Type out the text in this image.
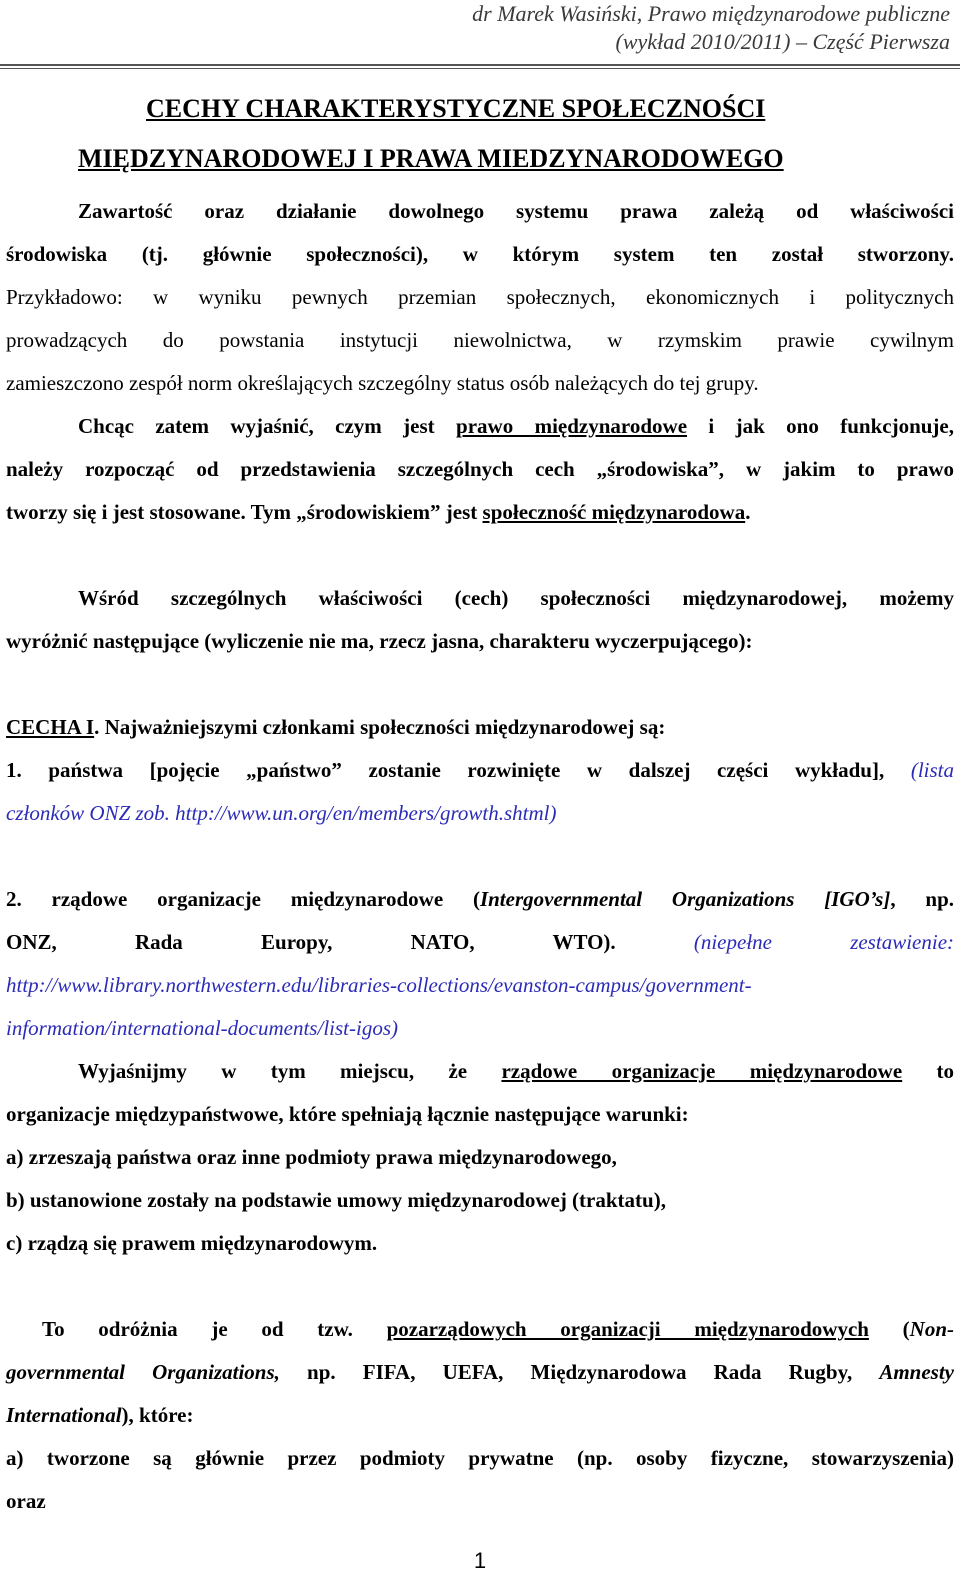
dr Marek Wasiński, Prawo międzynarodowe publiczne
(wykład 2010/2011) – Część Pierwsza
CECHY CHARAKTERYSTYCZNE SPOŁECZNOŚCI
MIĘDZYNARODOWEJ I PRAWA MIEDZYNARODOWEGO
Zawartość oraz działanie dowolnego systemu prawa zależą od właściwości
środowiska (tj. głównie społeczności), w którym system ten został stworzony.
Przykładowo: w wyniku pewnych przemian społecznych, ekonomicznych i politycznych
prowadzących do powstania instytucji niewolnictwa, w rzymskim prawie cywilnym
zamieszczono zespół norm określających szczególny status osób należących do tej grupy.
Chcąc zatem wyjaśnić, czym jest prawo międzynarodowe i jak ono funkcjonuje,
należy rozpocząć od przedstawienia szczególnych cech „środowiska”, w jakim to prawo
tworzy się i jest stosowane. Tym „środowiskiem” jest społeczność międzynarodowa.
Wśród szczególnych właściwości (cech) społeczności międzynarodowej, możemy
wyróżnić następujące (wyliczenie nie ma, rzecz jasna, charakteru wyczerpującego):
CECHA I. Najważniejszymi członkami społeczności międzynarodowej są:
1. państwa [pojęcie „państwo” zostanie rozwinięte w dalszej części wykładu], (lista
członków ONZ zob. http://www.un.org/en/members/growth.shtml)
2. rządowe organizacje międzynarodowe (Intergovernmental Organizations [IGO’s], np.
ONZ, Rada Europy, NATO, WTO). (niepełne zestawienie:
http://www.library.northwestern.edu/libraries-collections/evanston-campus/government-
information/international-documents/list-igos)
Wyjaśnijmy w tym miejscu, że rządowe organizacje międzynarodowe to
organizacje międzypaństwowe, które spełniają łącznie następujące warunki:
a) zrzeszają państwa oraz inne podmioty prawa międzynarodowego,
b) ustanowione zostały na podstawie umowy międzynarodowej (traktatu),
c) rządzą się prawem międzynarodowym.
To odróżnia je od tzw. pozarządowych organizacji międzynarodowych (Non-
governmental Organizations, np. FIFA, UEFA, Międzynarodowa Rada Rugby, Amnesty
International), które:
a) tworzone są głównie przez podmioty prywatne (np. osoby fizyczne, stowarzyszenia)
oraz
1
